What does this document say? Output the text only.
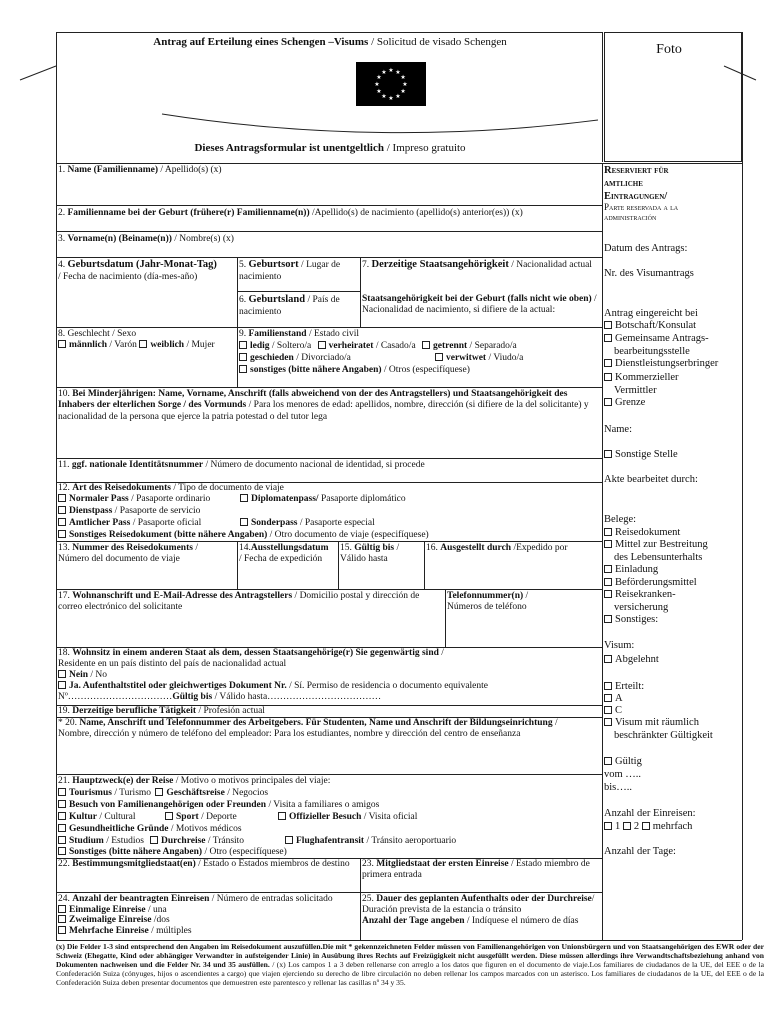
Antrag auf Erteilung eines Schengen –Visums / Solicitud de visado Schengen
★ ★
★
★
★
★
★
★
★
★
★
★
Dieses Antragsformular ist unentgeltlich / Impreso gratuito
Foto
1. Name (Familienname) / Apellido(s) (x)
2. Familienname bei der Geburt (frühere(r) Familienname(n)) /Apellido(s) de nacimiento (apellido(s) anterior(es)) (x)
3. Vorname(n) (Beiname(n)) / Nombre(s) (x)
4. Geburtsdatum (Jahr-Monat-Tag)
/ Fecha de nacimiento (día-mes-año)
5. Geburtsort / Lugar de nacimiento
6. Geburtsland / País de nacimiento
7. Derzeitige Staatsangehörigkeit / Nacionalidad actual
Staatsangehörigkeit bei der Geburt (falls nicht wie oben) / Nacionalidad de nacimiento, si difiere de la actual:
8. Geschlecht / Sexo
männlich / Varón weiblich / Mujer
9. Familienstand / Estado civil
ledig / Soltero/a verheiratet / Casado/a getrennt / Separado/a
geschieden / Divorciado/a	verwitwet / Viudo/a
sonstiges (bitte nähere Angaben) / Otros (especifíquese)
10. Bei Minderjährigen: Name, Vorname, Anschrift (falls abweichend von der des Antragstellers) und Staatsangehörigkeit des Inhabers der elterlichen Sorge / des Vormunds / Para los menores de edad: apellidos, nombre, dirección (si difiere de la del solicitante) y nacionalidad de la persona que ejerce la patria potestad o del tutor lega
11. ggf. nationale Identitätsnummer / Número de documento nacional de identidad, si procede
12. Art des Reisedokuments / Tipo de documento de viaje
Normaler Pass / Pasaporte ordinario	Diplomatenpass/ Pasaporte diplomático
Dienstpass / Pasaporte de servicio
Amtlicher Pass / Pasaporte oficial	Sonderpass / Pasaporte especial
Sonstiges Reisedokument (bitte nähere Angaben) / Otro documento de viaje (especifíquese)
13. Nummer des Reisedokuments /
Número del documento de viaje
14.Ausstellungsdatum
/ Fecha de expedición
15. Gültig bis /
Válido hasta
16. Ausgestellt durch /Expedido por
17. Wohnanschrift und E-Mail-Adresse des Antragstellers / Domicilio postal y dirección de correo electrónico del solicitante
Telefonnummer(n) /
Números de teléfono
18. Wohnsitz in einem anderen Staat als dem, dessen Staatsangehörige(r) Sie gegenwärtig sind /
Residente en un país distinto del país de nacionalidad actual
Nein / No
Ja. Aufenthaltstitel oder gleichwertiges Dokument Nr. / Sí. Permiso de residencia o documento equivalente
Nº……………………………Gültig bis / Válido hasta………………………………
19. Derzeitige berufliche Tätigkeit / Profesión actual
* 20. Name, Anschrift und Telefonnummer des Arbeitgebers. Für Studenten, Name und Anschrift der Bildungseinrichtung /
Nombre, dirección y número de teléfono del empleador: Para los estudiantes, nombre y dirección del centro de enseñanza
21. Hauptzweck(e) der Reise / Motivo o motivos principales del viaje:
Tourismus / Turismo Geschäftsreise / Negocios
Besuch von Familienangehörigen oder Freunden / Visita a familiares o amigos
Kultur / Cultural	Sport / Deporte	Offizieller Besuch / Visita oficial
Gesundheitliche Gründe / Motivos médicos
Studium / Estudios	Durchreise / Tránsito	Flughafentransit / Tránsito aeroportuario
Sonstiges (bitte nähere Angaben) / Otro (especifíquese)
22. Bestimmungsmitgliedstaat(en) / Estado o Estados miembros de destino	23. Mitgliedstaat der ersten Einreise / Estado miembro de primera entrada
24. Anzahl der beantragten Einreisen / Número de entradas solicitado
Einmalige Einreise / una
Zweimalige Einreise /dos
Mehrfache Einreise / múltiples
25. Dauer des geplanten Aufenthalts oder der Durchreise/ Duración prevista de la estancia o tránsito
Anzahl der Tage angeben / Indíquese el número de días
(x) Die Felder 1-3 sind entsprechend den Angaben im Reisedokument auszufüllen.Die mit * gekennzeichneten Felder müssen von Familienangehörigen von Unionsbürgern und von Staatsangehörigen des EWR oder der Schweiz (Ehegatte, Kind oder abhängiger Verwandter in aufsteigender Linie) in Ausübung ihres Rechts auf Freizügigkeit nicht ausgefüllt werden. Diese müssen allerdings ihre Verwandtschaftsbeziehung anhand von Dokumenten nachweisen und die Felder Nr. 34 und 35 ausfüllen. / (x) Los campos 1 a 3 deben rellenarse con arreglo a los datos que figuren en el documento de viaje.Los familiares de ciudadanos de la UE, del EEE o de la Confederación Suiza (cónyuges, hijos o ascendientes a cargo) que viajen ejerciendo su derecho de libre circulación no deben rellenar los campos marcados con un asterisco. Los familiares de ciudadanos de la UE, del EEE o de la Confederación Suiza deben presentar documentos que demuestren este parentesco y rellenar las casillas nº 34 y 35.
Reserviert für
amtliche
Eintragungen/
Parte reservada a la
administración
Datum des Antrags:
Nr. des Visumantrags
Antrag eingereicht bei
Botschaft/Konsulat
Gemeinsame Antrags-
bearbeitungsstelle
Dienstleistungserbringer
Kommerzieller
Vermittler
Grenze
Name:
Sonstige Stelle
Akte bearbeitet durch:
Belege:
Reisedokument
Mittel zur Bestreitung
des Lebensunterhalts
Einladung
Beförderungsmittel
Reisekranken-
versicherung
Sonstiges:
Visum:
Abgelehnt
Erteilt:
A
C
Visum mit räumlich
beschränkter Gültigkeit
Gültig
vom …..
bis…..
Anzahl der Einreisen:
1 2 mehrfach
Anzahl der Tage:
